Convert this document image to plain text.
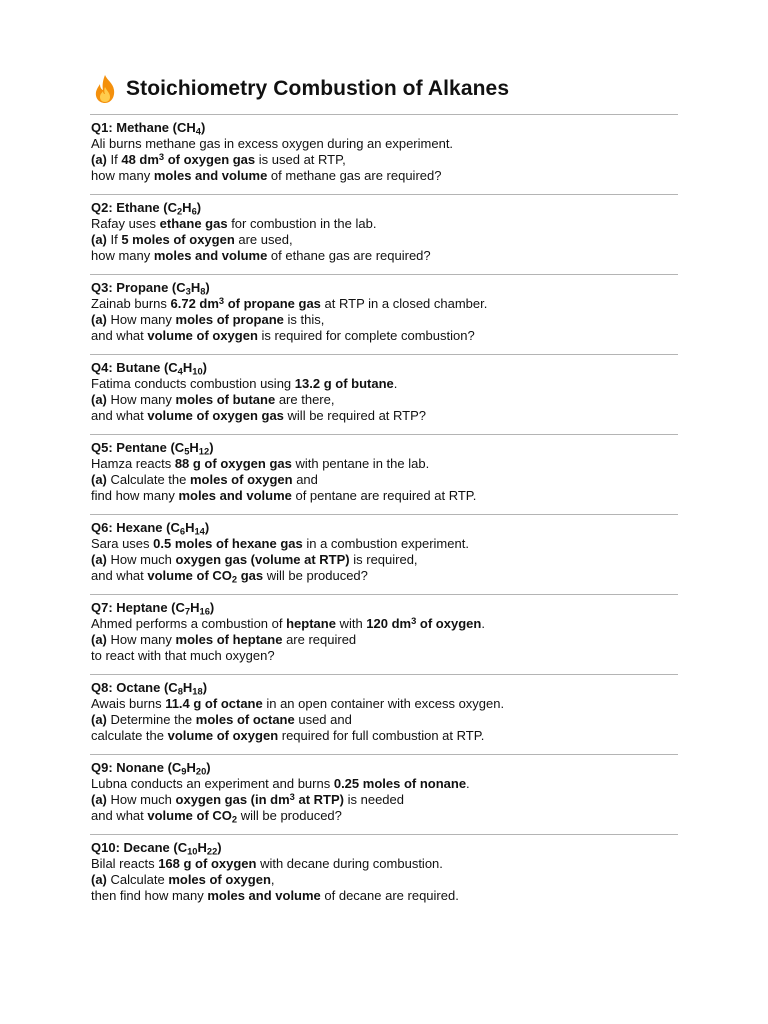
Stoichiometry Combustion of Alkanes
Q1: Methane $(CH_4)$
Ali burns methane gas in excess oxygen during an experiment.
(a) If 48 $dm^3$ of oxygen gas is used at RTP,
how many moles and volume of methane gas are required?
Q2: Ethane $(C_2H_6)$
Rafay uses ethane gas for combustion in the lab.
(a) If 5 moles of oxygen are used,
how many moles and volume of ethane gas are required?
Q3: Propane $(C_3H_8)$
Zainab burns 6.72 $dm^3$ of propane gas at RTP in a closed chamber.
(a) How many moles of propane is this,
and what volume of oxygen is required for complete combustion?
Q4: Butane $(C_4H_{10})$
Fatima conducts combustion using 13.2 g of butane.
(a) How many moles of butane are there,
and what volume of oxygen gas will be required at RTP?
Q5: Pentane $(C_5H_{12})$
Hamza reacts 88 g of oxygen gas with pentane in the lab.
(a) Calculate the moles of oxygen and
find how many moles and volume of pentane are required at RTP.
Q6: Hexane $(C_6H_{14})$
Sara uses 0.5 moles of hexane gas in a combustion experiment.
(a) How much oxygen gas (volume at RTP) is required,
and what volume of $CO_2$ gas will be produced?
Q7: Heptane $(C_7H_{16})$
Ahmed performs a combustion of heptane with 120 $dm^3$ of oxygen.
(a) How many moles of heptane are required
to react with that much oxygen?
Q8: Octane $(C_8H_{18})$
Awais burns 11.4 g of octane in an open container with excess oxygen.
(a) Determine the moles of octane used and
calculate the volume of oxygen required for full combustion at RTP.
Q9: Nonane $(C_9H_{20})$
Lubna conducts an experiment and burns 0.25 moles of nonane.
(a) How much oxygen gas (in $dm^3$ at RTP) is needed
and what volume of $CO_2$ will be produced?
Q10: Decane $(C_{10}H_{22})$
Bilal reacts 168 g of oxygen with decane during combustion.
(a) Calculate moles of oxygen,
then find how many moles and volume of decane are required.
